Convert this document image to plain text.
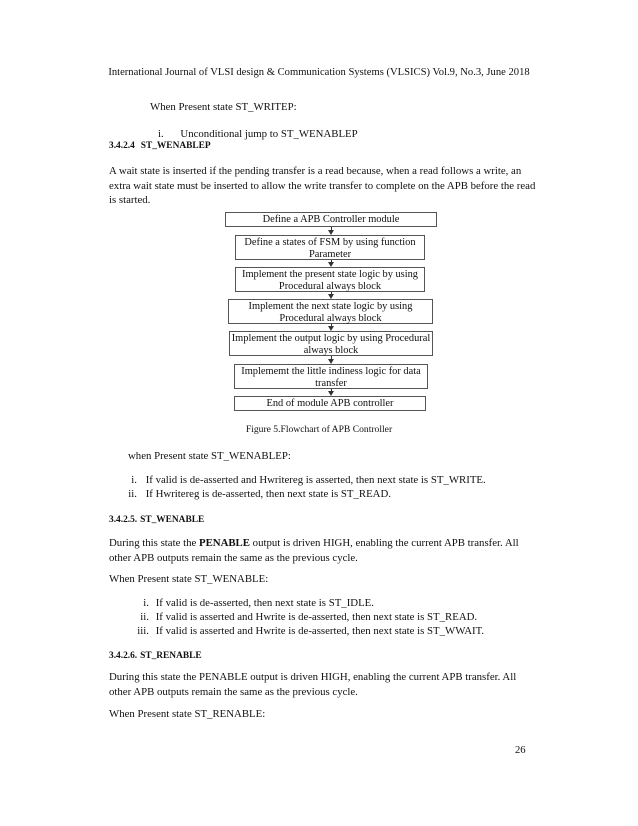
International Journal of VLSI design & Communication Systems (VLSICS) Vol.9, No.3, June 2018
When Present state ST_WRITEP:
i. Unconditional jump to ST_WENABLEP
3.4.2.4 ST_WENABLEP
A wait state is inserted if the pending transfer is a read because, when a read follows a write, an extra wait state must be inserted to allow the write transfer to complete on the APB before the read is started.
Define a APB Controller module
Define a states of FSM by using function Parameter
Implement the present state logic by using Procedural always block
Implement the next state logic by using Procedural always block
Implement the output logic by using Procedural always block
Implememt the little indiness logic for data transfer
End of module APB controller
Figure 5.Flowchart of APB Controller
when Present state ST_WENABLEP:
i. If valid is de-asserted and Hwritereg is asserted, then next state is ST_WRITE.
ii. If Hwritereg is de-asserted, then next state is ST_READ.
3.4.2.5. ST_WENABLE
During this state the PENABLE output is driven HIGH, enabling the current APB transfer. All other APB outputs remain the same as the previous cycle.
When Present state ST_WENABLE:
i. If valid is de-asserted, then next state is ST_IDLE.
ii. If valid is asserted and Hwrite is de-asserted, then next state is ST_READ.
iii. If valid is asserted and Hwrite is de-asserted, then next state is ST_WWAIT.
3.4.2.6. ST_RENABLE
During this state the PENABLE output is driven HIGH, enabling the current APB transfer. All other APB outputs remain the same as the previous cycle.
When Present state ST_RENABLE:
26
